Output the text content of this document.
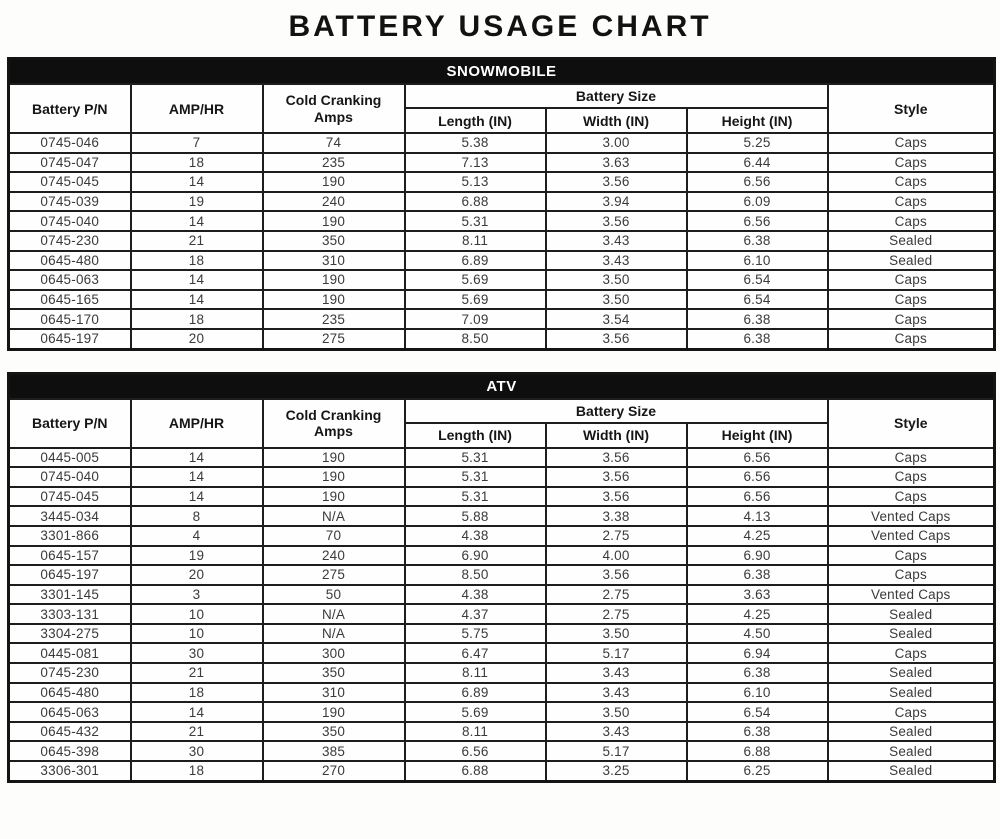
BATTERY USAGE CHART
SNOWMOBILE						
Battery P/N	AMP/HR	Cold Cranking Amps	Battery Size			Style
			Length (IN)	Width (IN)	Height (IN)	
0745-046	7	74	5.38	3.00	5.25	Caps
0745-047	18	235	7.13	3.63	6.44	Caps
0745-045	14	190	5.13	3.56	6.56	Caps
0745-039	19	240	6.88	3.94	6.09	Caps
0745-040	14	190	5.31	3.56	6.56	Caps
0745-230	21	350	8.11	3.43	6.38	Sealed
0645-480	18	310	6.89	3.43	6.10	Sealed
0645-063	14	190	5.69	3.50	6.54	Caps
0645-165	14	190	5.69	3.50	6.54	Caps
0645-170	18	235	7.09	3.54	6.38	Caps
0645-197	20	275	8.50	3.56	6.38	Caps
ATV						
Battery P/N	AMP/HR	Cold Cranking Amps	Battery Size			Style
			Length (IN)	Width (IN)	Height (IN)	
0445-005	14	190	5.31	3.56	6.56	Caps
0745-040	14	190	5.31	3.56	6.56	Caps
0745-045	14	190	5.31	3.56	6.56	Caps
3445-034	8	N/A	5.88	3.38	4.13	Vented Caps
3301-866	4	70	4.38	2.75	4.25	Vented Caps
0645-157	19	240	6.90	4.00	6.90	Caps
0645-197	20	275	8.50	3.56	6.38	Caps
3301-145	3	50	4.38	2.75	3.63	Vented Caps
3303-131	10	N/A	4.37	2.75	4.25	Sealed
3304-275	10	N/A	5.75	3.50	4.50	Sealed
0445-081	30	300	6.47	5.17	6.94	Caps
0745-230	21	350	8.11	3.43	6.38	Sealed
0645-480	18	310	6.89	3.43	6.10	Sealed
0645-063	14	190	5.69	3.50	6.54	Caps
0645-432	21	350	8.11	3.43	6.38	Sealed
0645-398	30	385	6.56	5.17	6.88	Sealed
3306-301	18	270	6.88	3.25	6.25	Sealed
